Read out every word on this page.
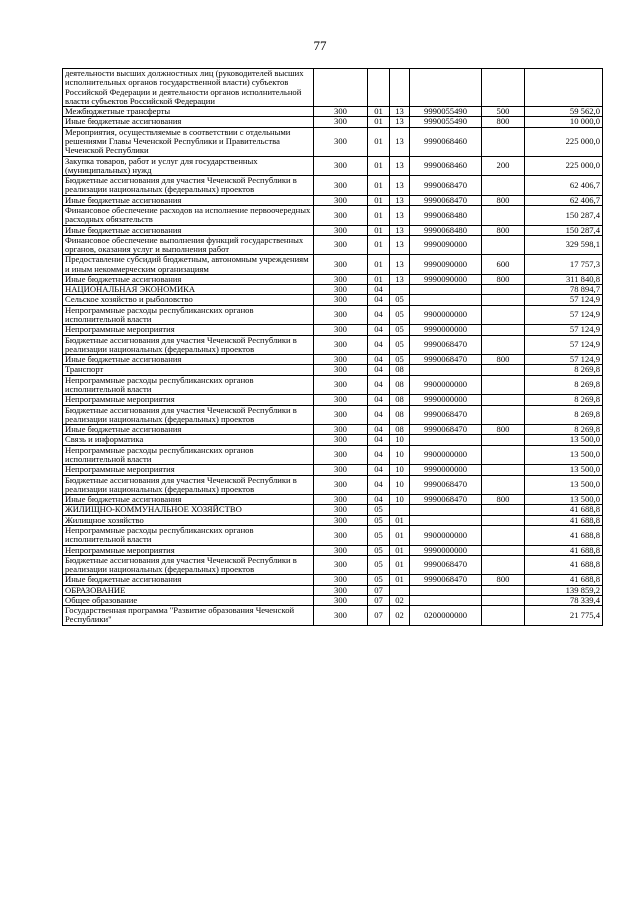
77
деятельности высших должностных лиц (руководителей высших исполнительных органов государственной власти) субъектов Российской Федерации и деятельности органов исполнительной власти субъектов Российской Федерации						
Межбюджетные трансферты	300	01	13	9990055490	500	59 562,0
Иные бюджетные ассигнования	300	01	13	9990055490	800	10 000,0
Мероприятия, осуществляемые в соответствии с отдельными решениями Главы Чеченской Республики и Правительства Чеченской Республики	300	01	13	9990068460		225 000,0
Закупка товаров, работ и услуг для государственных (муниципальных) нужд	300	01	13	9990068460	200	225 000,0
Бюджетные ассигнования для участия Чеченской Республики в реализации национальных (федеральных) проектов	300	01	13	9990068470		62 406,7
Иные бюджетные ассигнования	300	01	13	9990068470	800	62 406,7
Финансовое обеспечение расходов на исполнение первоочередных расходных обязательств	300	01	13	9990068480		150 287,4
Иные бюджетные ассигнования	300	01	13	9990068480	800	150 287,4
Финансовое обеспечение выполнения функций государственных органов, оказания услуг и выполнения работ	300	01	13	9990090000		329 598,1
Предоставление субсидий бюджетным, автономным учреждениям и иным некоммерческим организациям	300	01	13	9990090000	600	17 757,3
Иные бюджетные ассигнования	300	01	13	9990090000	800	311 840,8
НАЦИОНАЛЬНАЯ ЭКОНОМИКА	300	04				78 894,7
Сельское хозяйство и рыболовство	300	04	05			57 124,9
Непрограммные расходы республиканских органов исполнительной власти	300	04	05	9900000000		57 124,9
Непрограммные мероприятия	300	04	05	9990000000		57 124,9
Бюджетные ассигнования для участия Чеченской Республики в реализации национальных (федеральных) проектов	300	04	05	9990068470		57 124,9
Иные бюджетные ассигнования	300	04	05	9990068470	800	57 124,9
Транспорт	300	04	08			8 269,8
Непрограммные расходы республиканских органов исполнительной власти	300	04	08	9900000000		8 269,8
Непрограммные мероприятия	300	04	08	9990000000		8 269,8
Бюджетные ассигнования для участия Чеченской Республики в реализации национальных (федеральных) проектов	300	04	08	9990068470		8 269,8
Иные бюджетные ассигнования	300	04	08	9990068470	800	8 269,8
Связь и информатика	300	04	10			13 500,0
Непрограммные расходы республиканских органов исполнительной власти	300	04	10	9900000000		13 500,0
Непрограммные мероприятия	300	04	10	9990000000		13 500,0
Бюджетные ассигнования для участия Чеченской Республики в реализации национальных (федеральных) проектов	300	04	10	9990068470		13 500,0
Иные бюджетные ассигнования	300	04	10	9990068470	800	13 500,0
ЖИЛИЩНО-КОММУНАЛЬНОЕ ХОЗЯЙСТВО	300	05				41 688,8
Жилищное хозяйство	300	05	01			41 688,8
Непрограммные расходы республиканских органов исполнительной власти	300	05	01	9900000000		41 688,8
Непрограммные мероприятия	300	05	01	9990000000		41 688,8
Бюджетные ассигнования для участия Чеченской Республики в реализации национальных (федеральных) проектов	300	05	01	9990068470		41 688,8
Иные бюджетные ассигнования	300	05	01	9990068470	800	41 688,8
ОБРАЗОВАНИЕ	300	07				139 859,2
Общее образование	300	07	02			78 339,4
Государственная программа "Развитие образования Чеченской Республики"	300	07	02	0200000000		21 775,4
